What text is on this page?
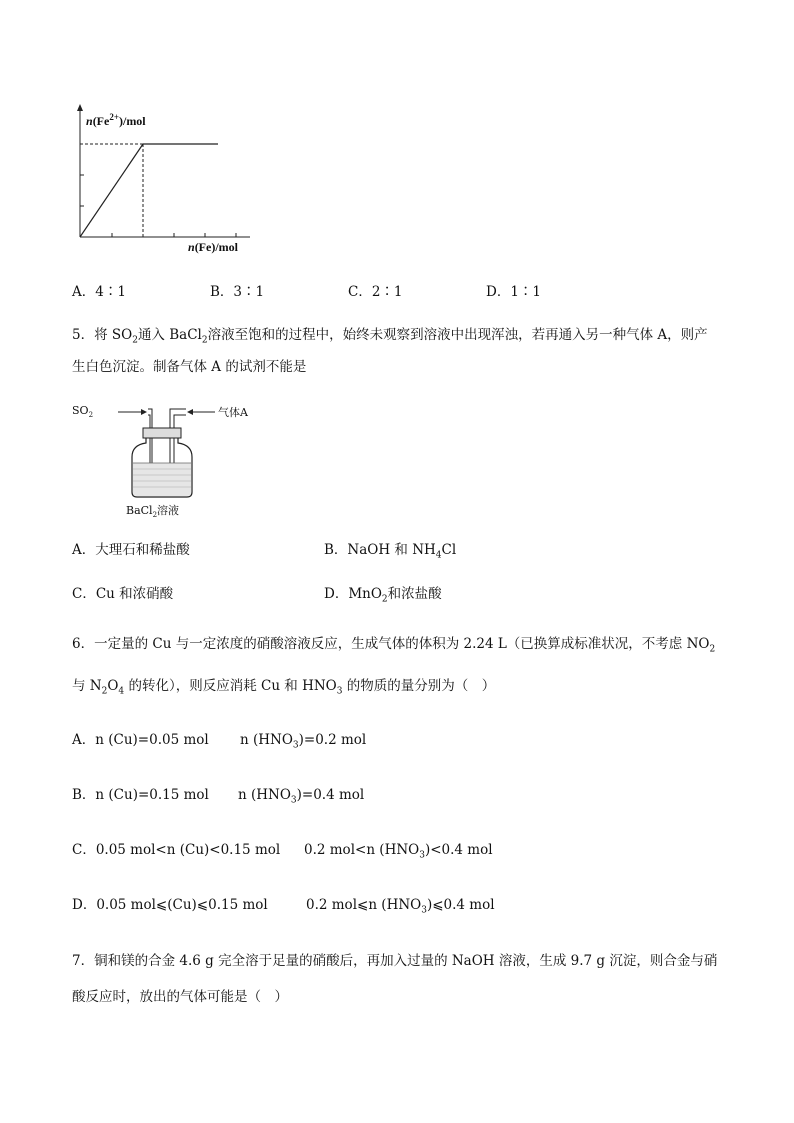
$n(Fe^{2+})$/mol
n(Fe)/mol
A．4∶1	B．3∶1	C．2∶1	D．1∶1
5．将 $SO_2$通入 BaCl$_2$溶液至饱和的过程中，始终未观察到溶液中出现浑浊，若再通入另一种气体 A，则产
生白色沉淀。制备气体 A 的试剂不能是
$SO_2$	气体A
BaCl$_2$溶液
A．大理石和稀盐酸	B．NaOH 和 $NH_4Cl$
C．Cu 和浓硝酸	D．MnO$_2$和浓盐酸
6．一定量的 Cu 与一定浓度的硝酸溶液反应，生成气体的体积为 2.24 L（已换算成标准状况，不考虑 $NO_2$
与 $N_2O_4$ 的转化），则反应消耗 Cu 和 $HNO_3$ 的物质的量分别为（　）
A．n (Cu)=0.05 mol n $(HNO_3)=0.2$ mol
B．n (Cu)=0.15 mol n $(HNO_3)=0.4$ mol
C．0.05 mol<n (Cu)<0.15 mol 0.2 mol<n $(HNO_3)<0.4$ mol
D．0.05 mol⩽(Cu)⩽0.15 mol	0.2 mol⩽n $(HNO_3)⩽0.4$ mol
7．铜和镁的合金 4.6 g 完全溶于足量的硝酸后，再加入过量的 NaOH 溶液，生成 9.7 g 沉淀，则合金与硝
酸反应时，放出的气体可能是（　）
